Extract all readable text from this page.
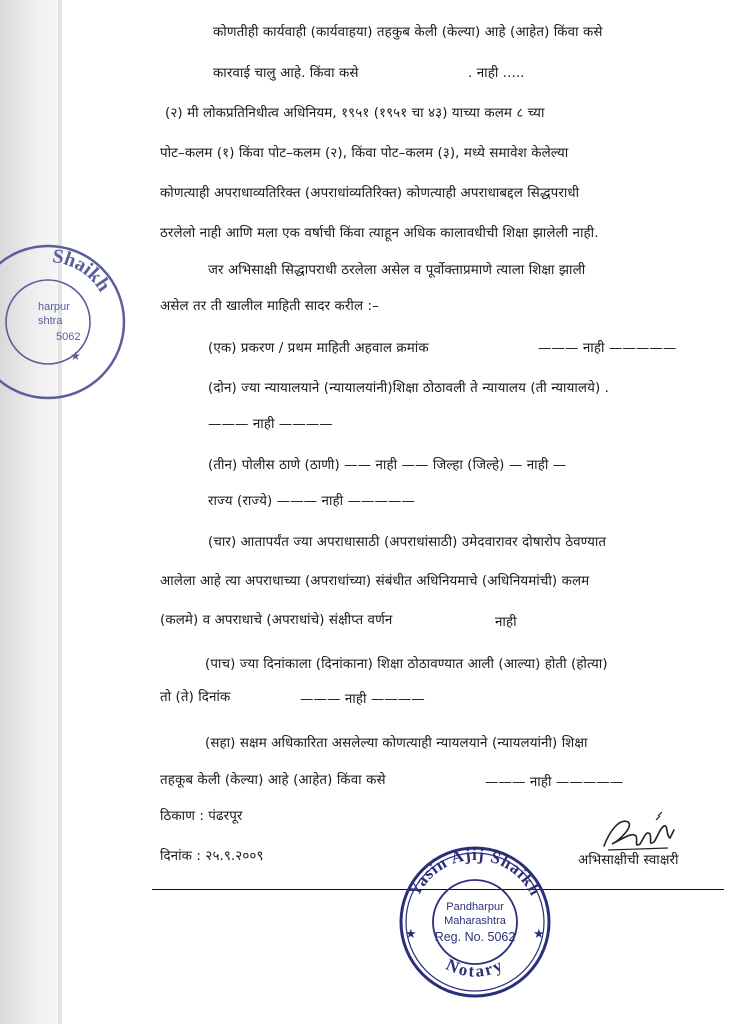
Shaikh
harpur
shtra
5062
★
कोणतीही कार्यवाही (कार्यवाहया) तहकुब केली (केल्या) आहे (आहेत) किंवा कसे
कारवाई चालु आहे. किंवा कसे	. नाही .....
(२) मी लोकप्रतिनिधीत्व अधिनियम, १९५१ (१९५१ चा ४३) याच्या कलम ८ च्या
पोट–कलम (१) किंवा पोट–कलम (२), किंवा पोट–कलम (३), मध्ये समावेश केलेल्या
कोणत्याही अपराधाव्यतिरिक्त (अपराधांव्यतिरिक्त) कोणत्याही अपराधाबद्दल सिद्धपराधी
ठरलेलो नाही आणि मला एक वर्षाची किंवा त्याहून अधिक कालावधीची शिक्षा झालेली नाही.
जर अभिसाक्षी सिद्धापराधी ठरलेला असेल व पूर्वोक्ताप्रमाणे त्याला शिक्षा झाली
असेल तर ती खालील माहिती सादर करील :–
(एक) प्रकरण / प्रथम माहिती अहवाल क्रमांक	——— नाही —————
(दोन) ज्या न्यायालयाने (न्यायालयांनी)शिक्षा ठोठावली ते न्यायालय (ती न्यायालये) .
——— नाही ————
(तीन) पोलीस ठाणे (ठाणी) —— नाही —— जिल्हा (जिल्हे) — नाही —
राज्य (राज्ये) ——— नाही —————
(चार) आतापर्यंत ज्या अपराधासाठी (अपराधांसाठी) उमेदवारावर दोषारोप ठेवण्यात
आलेला आहे त्या अपराधाच्या (अपराधांच्या) संबंधीत अधिनियमाचे (अधिनियमांची) कलम
(कलमे) व अपराधाचे (अपराधांचे) संक्षीप्त वर्णन	नाही
(पाच) ज्या दिनांकाला (दिनांकाना) शिक्षा ठोठावण्यात आली (आल्या) होती (होत्या)
तो (ते) दिनांक	——— नाही ————
(सहा) सक्षम अधिकारिता असलेल्या कोणत्याही न्यायलयाने (न्यायलयांनी) शिक्षा
तहकूब केली (केल्या) आहे (आहेत) किंवा कसे	——— नाही —————
ठिकाण : पंढरपूर
दिनांक : २५.९.२००९	अभिसाक्षीची स्वाक्षरी
Yasin Ajij Shaikh
Notary
Pandharpur
Maharashtra
Reg. No. 5062
★	★
